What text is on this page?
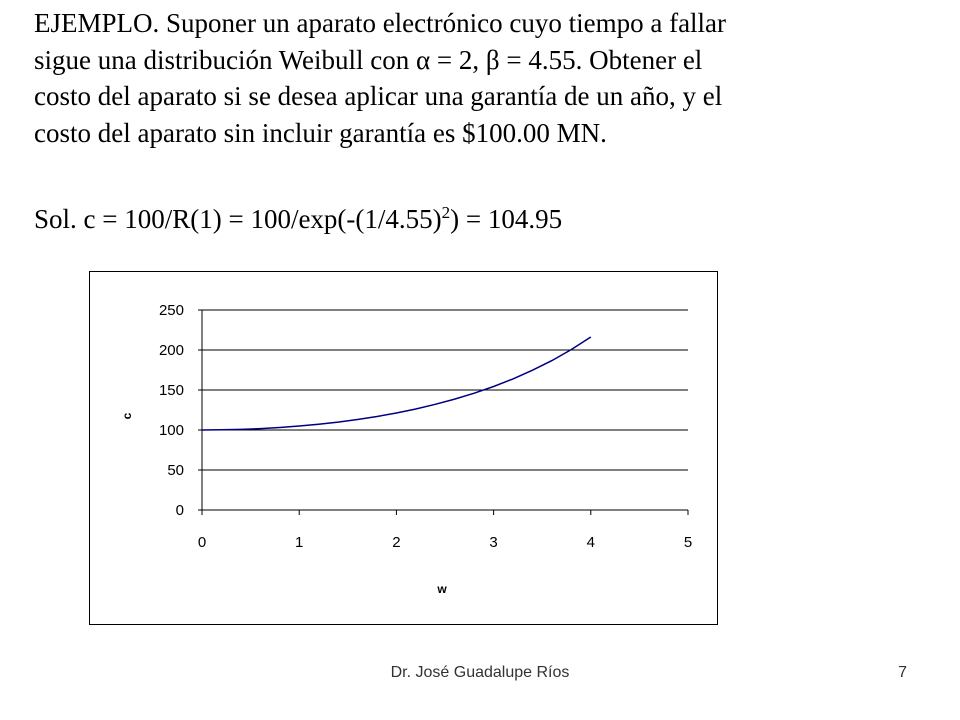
EJEMPLO. Suponer un aparato electrónico cuyo tiempo a fallar
sigue una distribución Weibull con α = 2, β = 4.55. Obtener el
costo del aparato si se desea aplicar una garantía de un año, y el
costo del aparato sin incluir garantía es $100.00 MN.
Sol. $c = 100/R(1) = 100/\exp(-(1/4.55)^2) = 104.95$
0
50
100
150
200
250
0	1	2	3	4	5
w
c
Dr. José Guadalupe Ríos	7
